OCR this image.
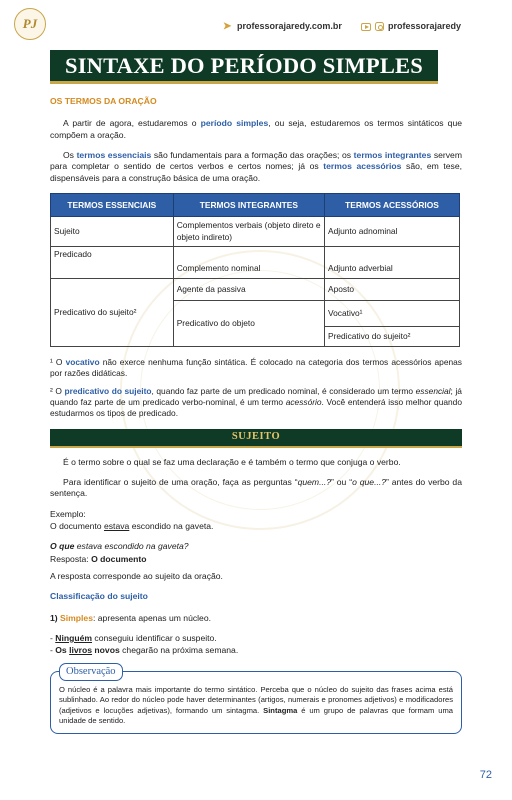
PJ	➤ professorajaredy.com.br	professorajaredy
SINTAXE DO PERÍODO SIMPLES
OS TERMOS DA ORAÇÃO

A partir de agora, estudaremos o período simples, ou seja, estudaremos os termos sintáticos que compõem a oração.

Os termos essenciais são fundamentais para a formação das orações; os termos integrantes servem para completar o sentido de certos verbos e certos nomes; já os termos acessórios são, em tese, dispensáveis para a construção básica de uma oração.

TERMOS ESSENCIAIS	TERMOS INTEGRANTES	TERMOS ACESSÓRIOS
Sujeito	Complementos verbais (objeto direto e objeto indireto)	Adjunto adnominal
Predicado	Complemento nominal	Adjunto adverbial
Predicativo do sujeito²	Agente da passiva	Aposto
	Predicativo do objeto	Vocativo¹
		Predicativo do sujeito²

¹ O vocativo não exerce nenhuma função sintática. É colocado na categoria dos termos acessórios apenas por razões didáticas.

² O predicativo do sujeito, quando faz parte de um predicado nominal, é considerado um termo essencial; já quando faz parte de um predicado verbo-nominal, é um termo acessório. Você entenderá isso melhor quando estudarmos os tipos de predicado.

SUJEITO

É o termo sobre o qual se faz uma declaração e é também o termo que conjuga o verbo.

Para identificar o sujeito de uma oração, faça as perguntas “quem...?” ou “o que...?” antes do verbo da sentença.

Exemplo:

O documento estava escondido na gaveta.

O que estava escondido na gaveta?

Resposta: O documento

A resposta corresponde ao sujeito da oração.

Classificação do sujeito

1) Simples: apresenta apenas um núcleo.

- Ninguém conseguiu identificar o suspeito.

- Os livros novos chegarão na próxima semana.

Observação
O núcleo é a palavra mais importante do termo sintático. Perceba que o núcleo do sujeito das frases acima está sublinhado. Ao redor do núcleo pode haver determinantes (artigos, numerais e pronomes adjetivos) e modificadores (adjetivos e locuções adjetivas), formando um sintagma. Sintagma é um grupo de palavras que formam uma unidade de sentido.
72
